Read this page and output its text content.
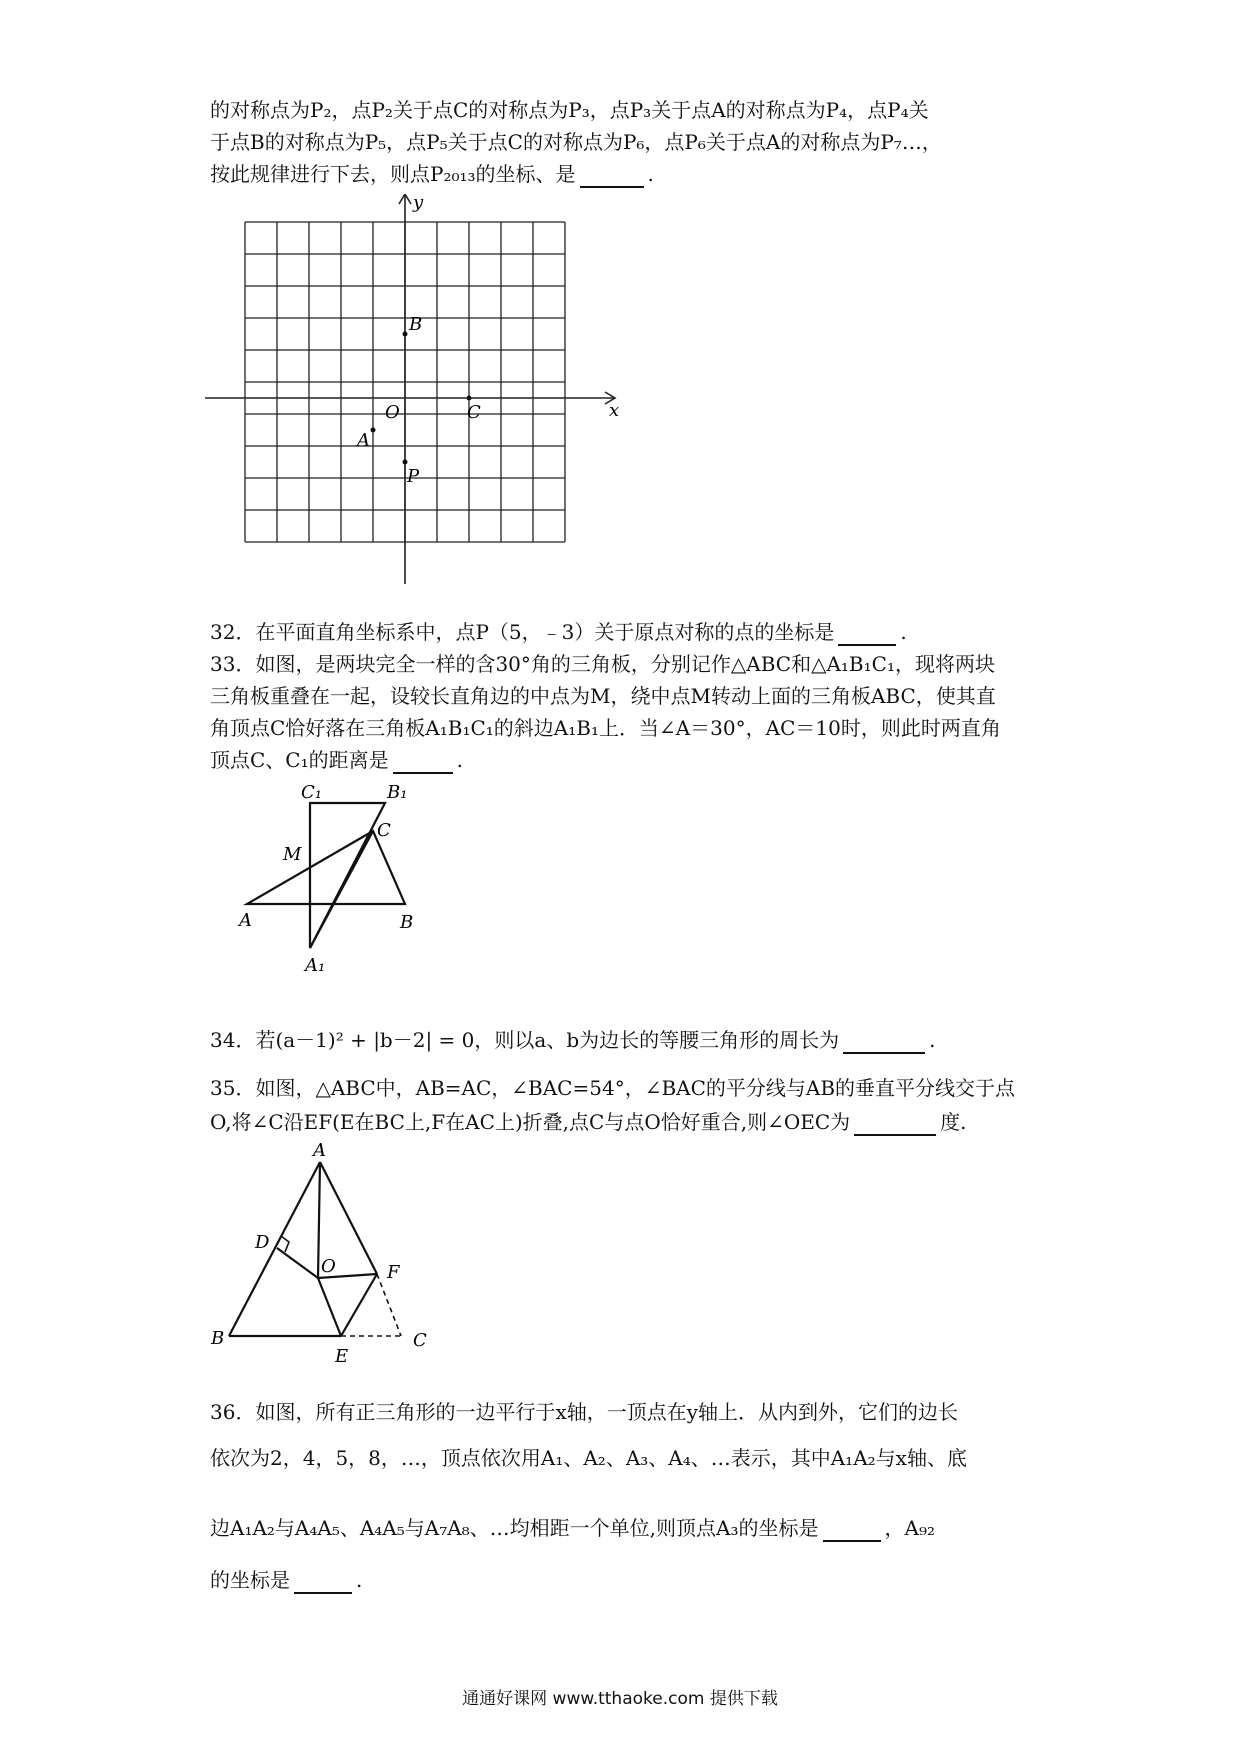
的对称点为P₂，点P₂关于点C的对称点为P₃，点P₃关于点A的对称点为P₄，点P₄关
于点B的对称点为P₅，点P₅关于点C的对称点为P₆，点P₆关于点A的对称点为P₇…，
按此规律进行下去，则点P₂₀₁₃的坐标、是	.
x
y
O
B
C
A
P
32．在平面直角坐标系中，点P（5，﹣3）关于原点对称的点的坐标是	.
33．如图，是两块完全一样的含30°角的三角板，分别记作△ABC和△A₁B₁C₁，现将两块
三角板重叠在一起，设较长直角边的中点为M，绕中点M转动上面的三角板ABC，使其直
角顶点C恰好落在三角板A₁B₁C₁的斜边A₁B₁上．当∠A＝30°，AC＝10时，则此时两直角
顶点C、C₁的距离是	.
C₁	B₁
C
M
A	B
A₁
34．若(a－1)² + |b－2| = 0，则以a、b为边长的等腰三角形的周长为	.
35．如图，△ABC中，AB=AC，∠BAC=54°，∠BAC的平分线与AB的垂直平分线交于点
O,将∠C沿EF(E在BC上,F在AC上)折叠,点C与点O恰好重合,则∠OEC为	度.
A
B	C
D
O
E
F
36．如图，所有正三角形的一边平行于x轴，一顶点在y轴上．从内到外，它们的边长
依次为2，4，5，8，…，顶点依次用A₁、A₂、A₃、A₄、…表示，其中A₁A₂与x轴、底
边A₁A₂与A₄A₅、A₄A₅与A₇A₈、…均相距一个单位,则顶点A₃的坐标是	，A₉₂
的坐标是	.
通通好课网 www.tthaoke.com 提供下载
